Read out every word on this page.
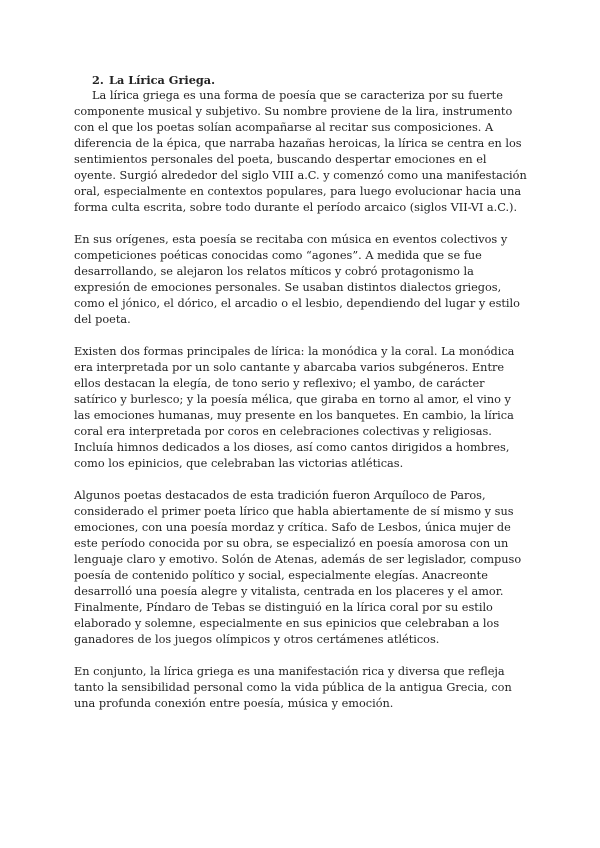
2. La Lírica Griega.

La lírica griega es una forma de poesía que se caracteriza por su fuerte componente musical y subjetivo. Su nombre proviene de la lira, instrumento con el que los poetas solían acompañarse al recitar sus composiciones. A diferencia de la épica, que narraba hazañas heroicas, la lírica se centra en los sentimientos personales del poeta, buscando despertar emociones en el oyente. Surgió alrededor del siglo VIII a.C. y comenzó como una manifestación oral, especialmente en contextos populares, para luego evolucionar hacia una forma culta escrita, sobre todo durante el período arcaico (siglos VII-VI a.C.).

En sus orígenes, esta poesía se recitaba con música en eventos colectivos y competiciones poéticas conocidas como “agones”. A medida que se fue desarrollando, se alejaron los relatos míticos y cobró protagonismo la expresión de emociones personales. Se usaban distintos dialectos griegos, como el jónico, el dórico, el arcadio o el lesbio, dependiendo del lugar y estilo del poeta.

Existen dos formas principales de lírica: la monódica y la coral. La monódica era interpretada por un solo cantante y abarcaba varios subgéneros. Entre ellos destacan la elegía, de tono serio y reflexivo; el yambo, de carácter satírico y burlesco; y la poesía mélica, que giraba en torno al amor, el vino y las emociones humanas, muy presente en los banquetes. En cambio, la lírica coral era interpretada por coros en celebraciones colectivas y religiosas. Incluía himnos dedicados a los dioses, así como cantos dirigidos a hombres, como los epinicios, que celebraban las victorias atléticas.

Algunos poetas destacados de esta tradición fueron Arquíloco de Paros, considerado el primer poeta lírico que habla abiertamente de sí mismo y sus emociones, con una poesía mordaz y crítica. Safo de Lesbos, única mujer de este período conocida por su obra, se especializó en poesía amorosa con un lenguaje claro y emotivo. Solón de Atenas, además de ser legislador, compuso poesía de contenido político y social, especialmente elegías. Anacreonte desarrolló una poesía alegre y vitalista, centrada en los placeres y el amor. Finalmente, Píndaro de Tebas se distinguió en la lírica coral por su estilo elaborado y solemne, especialmente en sus epinicios que celebraban a los ganadores de los juegos olímpicos y otros certámenes atléticos.

En conjunto, la lírica griega es una manifestación rica y diversa que refleja tanto la sensibilidad personal como la vida pública de la antigua Grecia, con una profunda conexión entre poesía, música y emoción.
